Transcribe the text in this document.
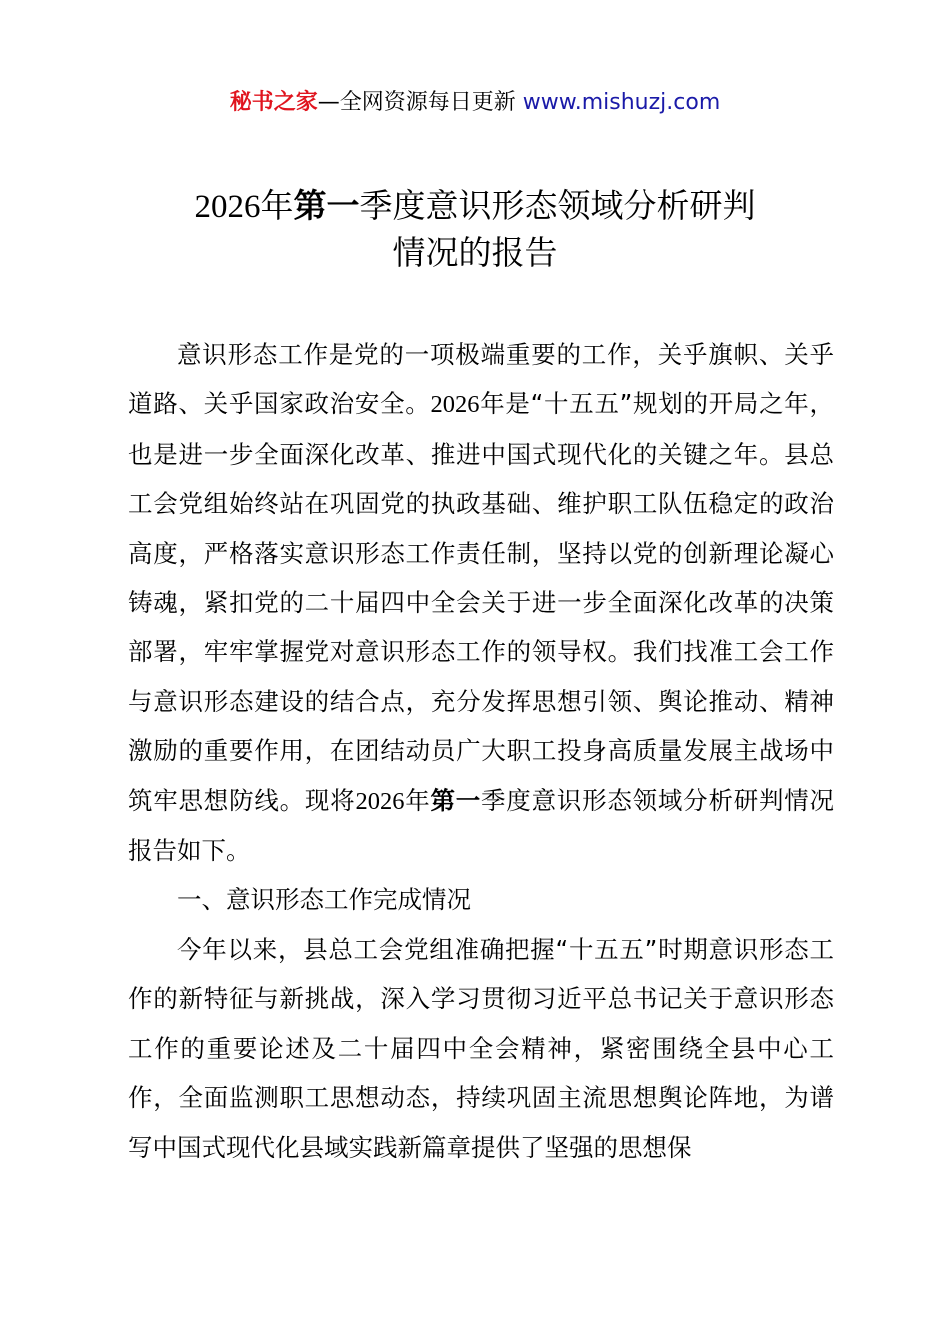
秘书之家—全网资源每日更新 www.mishuzj.com
2026年第一季度意识形态领域分析研判
情况的报告

意识形态工作是党的一项极端重要的工作，关乎旗帜、关乎道路、关乎国家政治安全。2026年是“十五五”规划的开局之年，也是进一步全面深化改革、推进中国式现代化的关键之年。县总工会党组始终站在巩固党的执政基础、维护职工队伍稳定的政治高度，严格落实意识形态工作责任制，坚持以党的创新理论凝心铸魂，紧扣党的二十届四中全会关于进一步全面深化改革的决策部署，牢牢掌握党对意识形态工作的领导权。我们找准工会工作与意识形态建设的结合点，充分发挥思想引领、舆论推动、精神激励的重要作用，在团结动员广大职工投身高质量发展主战场中筑牢思想防线。现将2026年第一季度意识形态领域分析研判情况报告如下。

一、意识形态工作完成情况

今年以来，县总工会党组准确把握“十五五”时期意识形态工作的新特征与新挑战，深入学习贯彻习近平总书记关于意识形态工作的重要论述及二十届四中全会精神，紧密围绕全县中心工作，全面监测职工思想动态，持续巩固主流思想舆论阵地，为谱写中国式现代化县域实践新篇章提供了坚强的思想保
